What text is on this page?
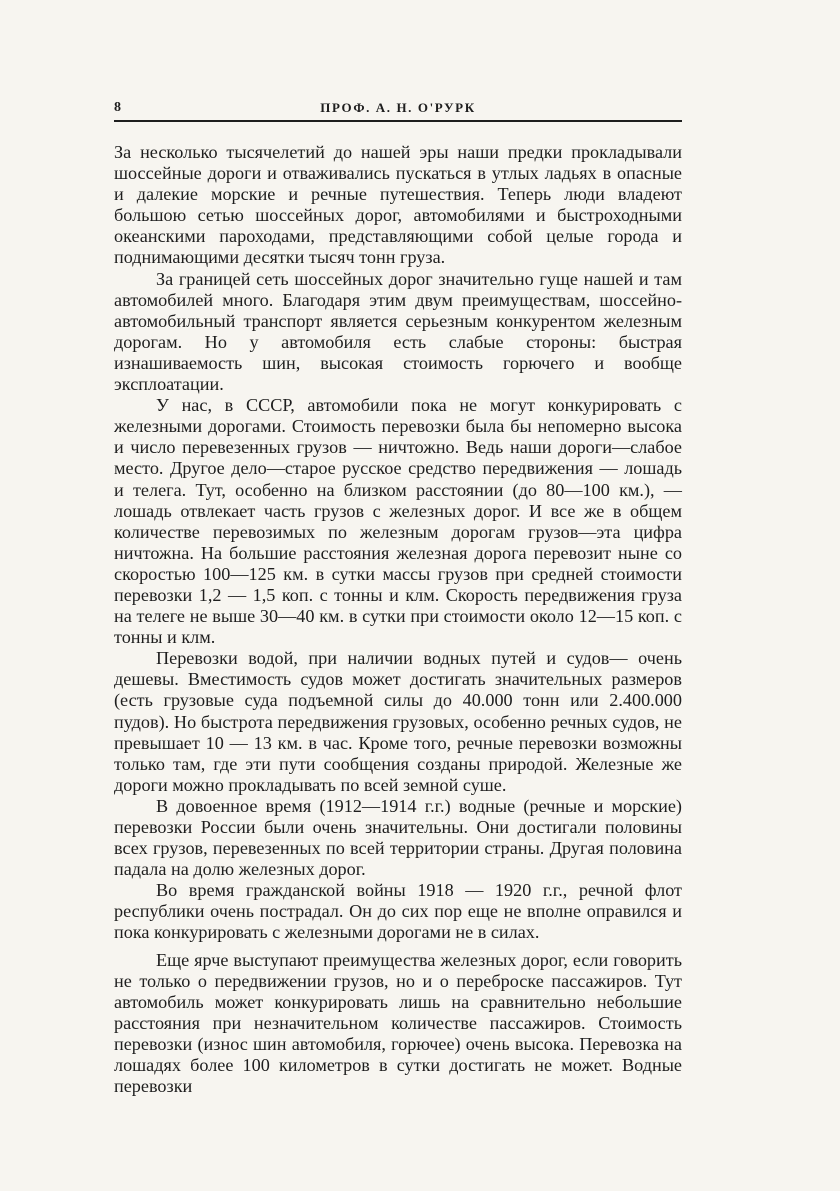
8	ПРОФ. А. Н. О'РУРК

За несколько тысячелетий до нашей эры наши предки прокладывали шоссейные дороги и отваживались пускаться в утлых ладьях в опасные и далекие морские и речные путешествия. Теперь люди владеют большою сетью шоссейных дорог, автомобилями и быстроходными океанскими пароходами, представляющими собой целые города и поднимающими десятки тысяч тонн груза.

За границей сеть шоссейных дорог значительно гуще нашей и там автомобилей много. Благодаря этим двум преимуществам, шоссейно-автомобильный транспорт является серьезным конкурентом железным дорогам. Но у автомобиля есть слабые стороны: быстрая изнашиваемость шин, высокая стоимость горючего и вообще эксплоатации.

У нас, в СССР, автомобили пока не могут конкурировать с железными дорогами. Стоимость перевозки была бы непомерно высока и число перевезенных грузов — ничтожно. Ведь наши дороги—слабое место. Другое дело—старое русское средство передвижения — лошадь и телега. Тут, особенно на близком расстоянии (до 80—100 км.), — лошадь отвлекает часть грузов с железных дорог. И все же в общем количестве перевозимых по железным дорогам грузов—эта цифра ничтожна. На большие расстояния железная дорога перевозит ныне со скоростью 100—125 км. в сутки массы грузов при средней стоимости перевозки 1,2 — 1,5 коп. с тонны и клм. Скорость передвижения груза на телеге не выше 30—40 км. в сутки при стоимости около 12—15 коп. с тонны и клм.

Перевозки водой, при наличии водных путей и судов— очень дешевы. Вместимость судов может достигать значительных размеров (есть грузовые суда подъемной силы до 40.000 тонн или 2.400.000 пудов). Но быстрота передвижения грузовых, особенно речных судов, не превышает 10 — 13 км. в час. Кроме того, речные перевозки возможны только там, где эти пути сообщения созданы природой. Железные же дороги можно прокладывать по всей земной суше.

В довоенное время (1912—1914 г.г.) водные (речные и морские) перевозки России были очень значительны. Они достигали половины всех грузов, перевезенных по всей территории страны. Другая половина падала на долю железных дорог.

Во время гражданской войны 1918 — 1920 г.г., речной флот республики очень пострадал. Он до сих пор еще не вполне оправился и пока конкурировать с железными дорогами не в силах.

Еще ярче выступают преимущества железных дорог, если говорить не только о передвижении грузов, но и о переброске пассажиров. Тут автомобиль может конкурировать лишь на сравнительно небольшие расстояния при незначительном количестве пассажиров. Стоимость перевозки (износ шин автомобиля, горючее) очень высока. Перевозка на лошадях более 100 километров в сутки достигать не может. Водные перевозки
